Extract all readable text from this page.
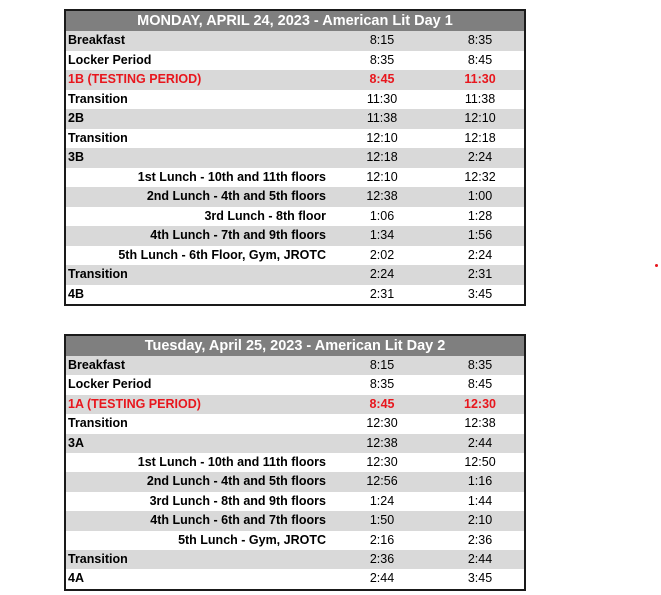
MONDAY, APRIL 24, 2023 - American Lit Day 1
Breakfast	8:15	8:35
Locker Period	8:35	8:45
1B (TESTING PERIOD)	8:45	11:30
Transition	11:30	11:38
2B	11:38	12:10
Transition	12:10	12:18
3B	12:18	2:24
1st Lunch - 10th and 11th floors	12:10	12:32
2nd Lunch - 4th and 5th floors	12:38	1:00
3rd Lunch - 8th floor	1:06	1:28
4th Lunch - 7th and 9th floors	1:34	1:56
5th Lunch - 6th Floor, Gym, JROTC	2:02	2:24
Transition	2:24	2:31
4B	2:31	3:45
Tuesday, April 25, 2023 - American Lit Day 2
Breakfast	8:15	8:35
Locker Period	8:35	8:45
1A (TESTING PERIOD)	8:45	12:30
Transition	12:30	12:38
3A	12:38	2:44
1st Lunch - 10th and 11th floors	12:30	12:50
2nd Lunch - 4th and 5th floors	12:56	1:16
3rd Lunch - 8th and 9th floors	1:24	1:44
4th Lunch - 6th and 7th floors	1:50	2:10
5th Lunch - Gym, JROTC	2:16	2:36
Transition	2:36	2:44
4A	2:44	3:45
